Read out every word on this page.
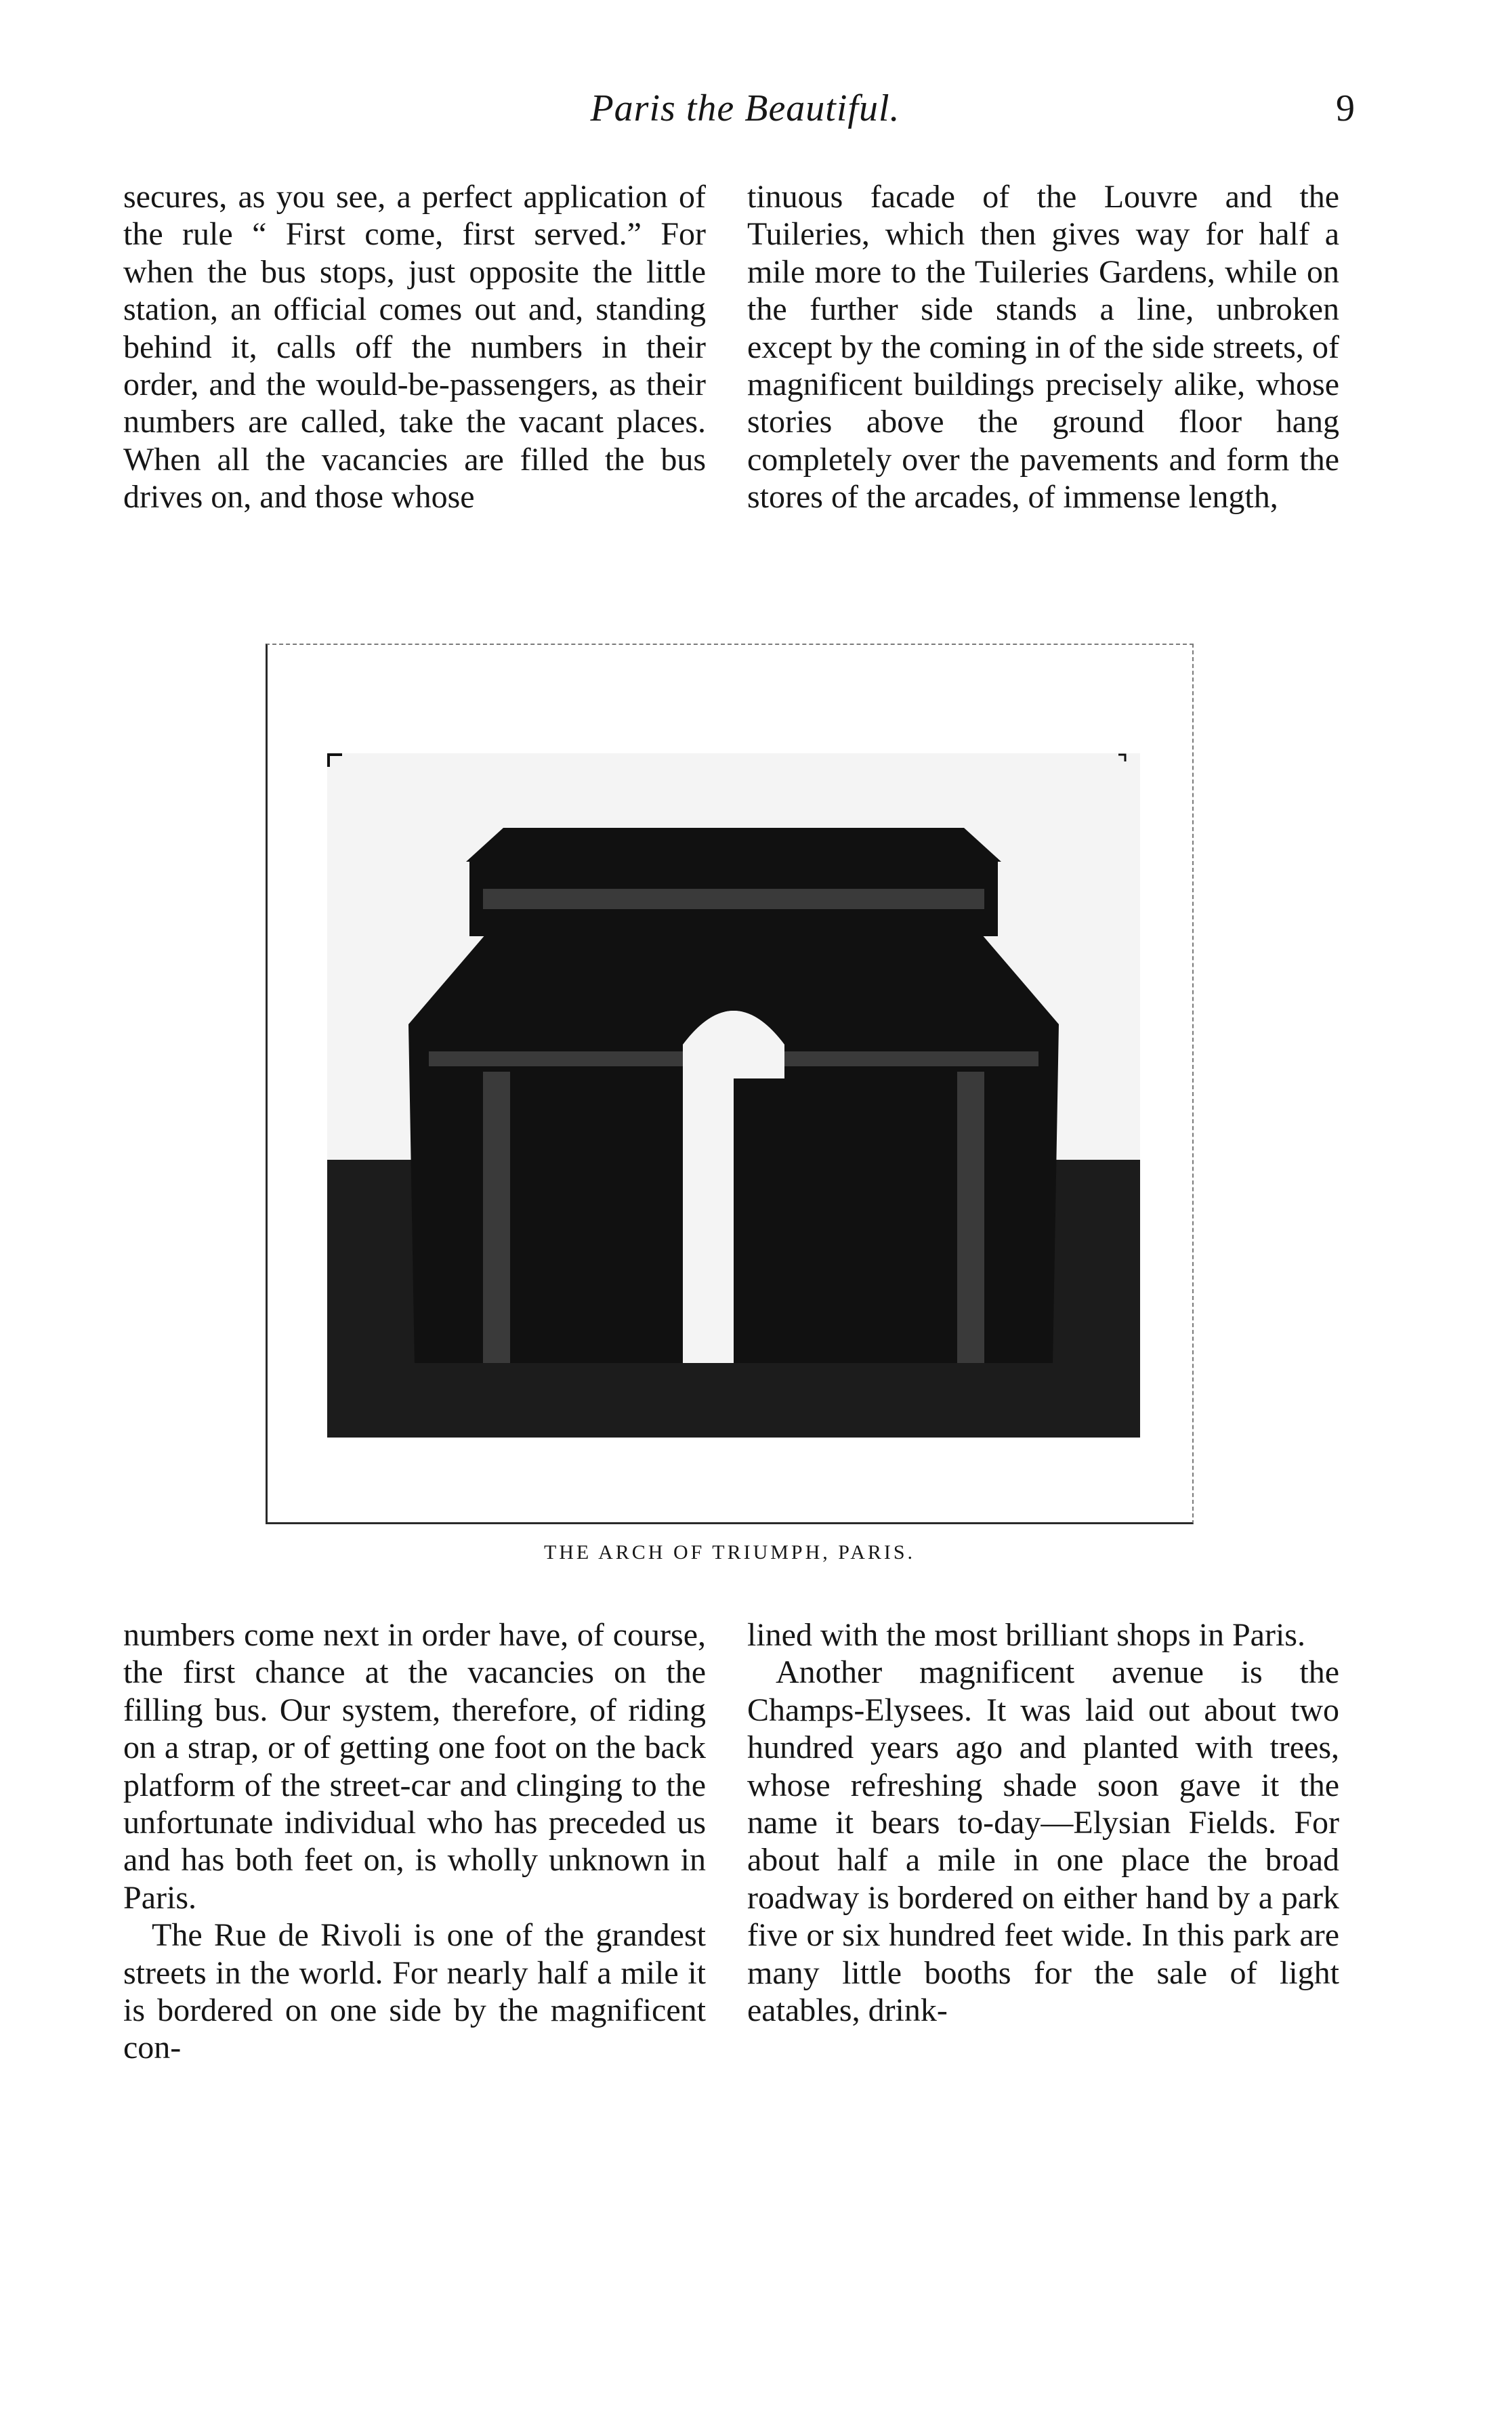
Paris the Beautiful.	9

secures, as you see, a perfect application of the rule “ First come, first served.” For when the bus stops, just opposite the little station, an official comes out and, standing behind it, calls off the numbers in their order, and the would-be-passengers, as their numbers are called, take the vacant places. When all the vacancies are filled the bus drives on, and those whose

tinuous facade of the Louvre and the Tuileries, which then gives way for half a mile more to the Tuileries Gardens, while on the further side stands a line, unbroken except by the coming in of the side streets, of magnificent buildings precisely alike, whose stories above the ground floor hang completely over the pavements and form the stores of the arcades, of immense length,

THE ARCH OF TRIUMPH, PARIS.

numbers come next in order have, of course, the first chance at the vacancies on the filling bus. Our system, therefore, of riding on a strap, or of getting one foot on the back platform of the street-car and clinging to the unfortunate individual who has preceded us and has both feet on, is wholly unknown in Paris.

The Rue de Rivoli is one of the grandest streets in the world. For nearly half a mile it is bordered on one side by the magnificent con-

lined with the most brilliant shops in Paris.

Another magnificent avenue is the Champs-Elysees. It was laid out about two hundred years ago and planted with trees, whose refreshing shade soon gave it the name it bears to-day—Elysian Fields. For about half a mile in one place the broad roadway is bordered on either hand by a park five or six hundred feet wide. In this park are many little booths for the sale of light eatables, drink-
